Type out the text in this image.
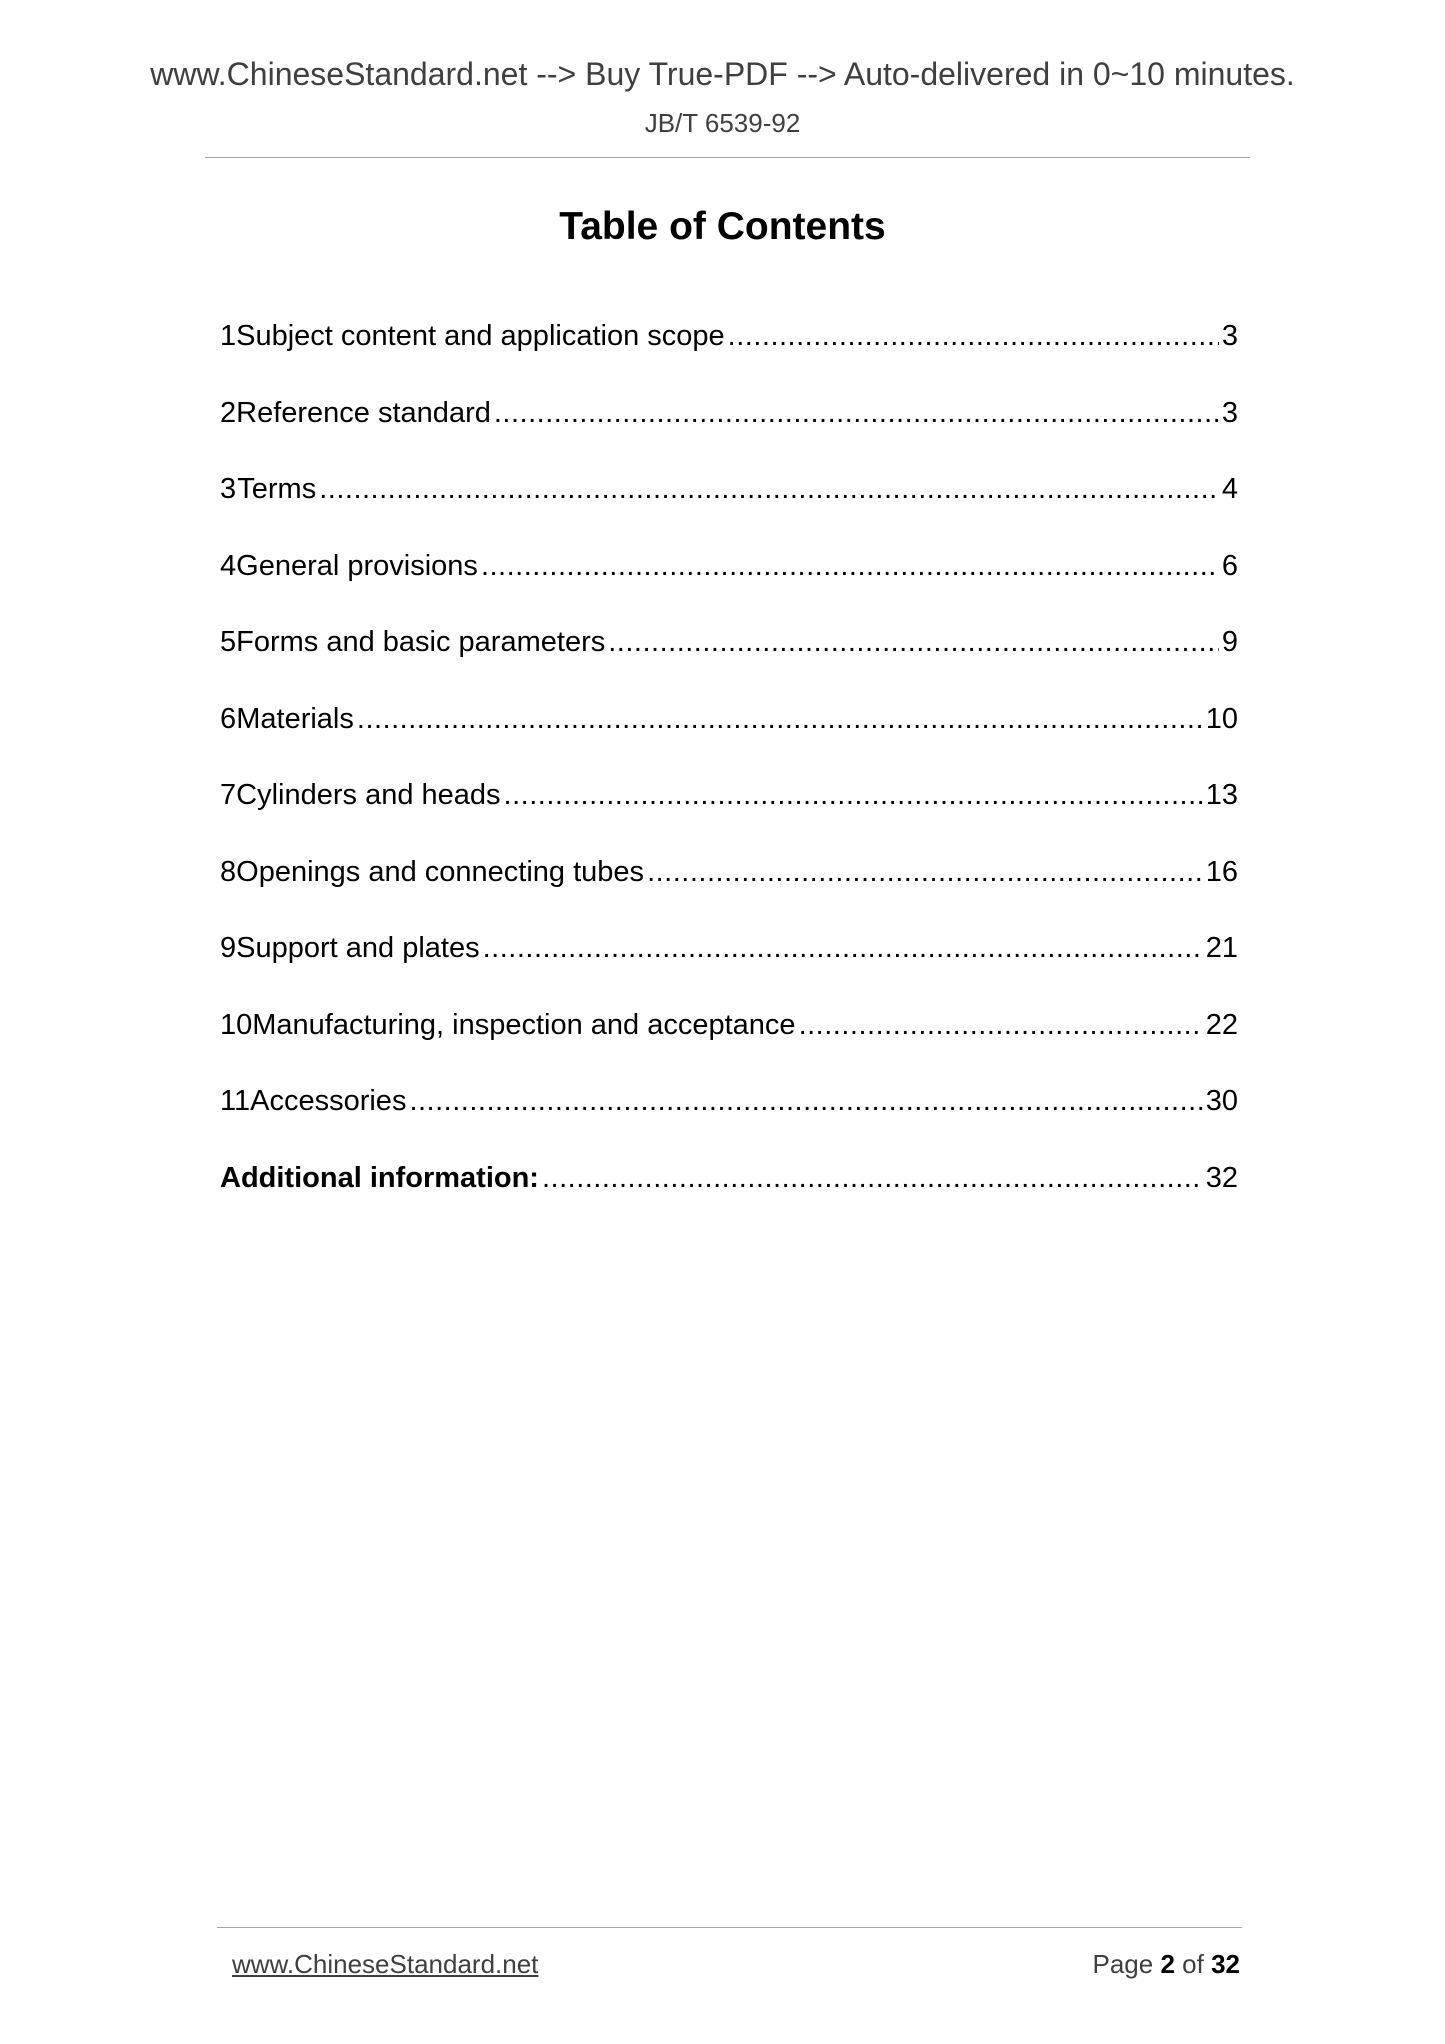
www.ChineseStandard.net --> Buy True-PDF --> Auto-delivered in 0~10 minutes.
JB/T 6539-92
Table of Contents
1 Subject content and application scope .....	3
2 Reference standard .....	3
3 Terms .....	4
4 General provisions .....	6
5 Forms and basic parameters .....	9
6 Materials .....	10
7 Cylinders and heads .....	13
8 Openings and connecting tubes .....	16
9 Support and plates .....	21
10 Manufacturing, inspection and acceptance .....	22
11 Accessories .....	30
Additional information: .....	32
www.ChineseStandard.net	Page 2 of 32
